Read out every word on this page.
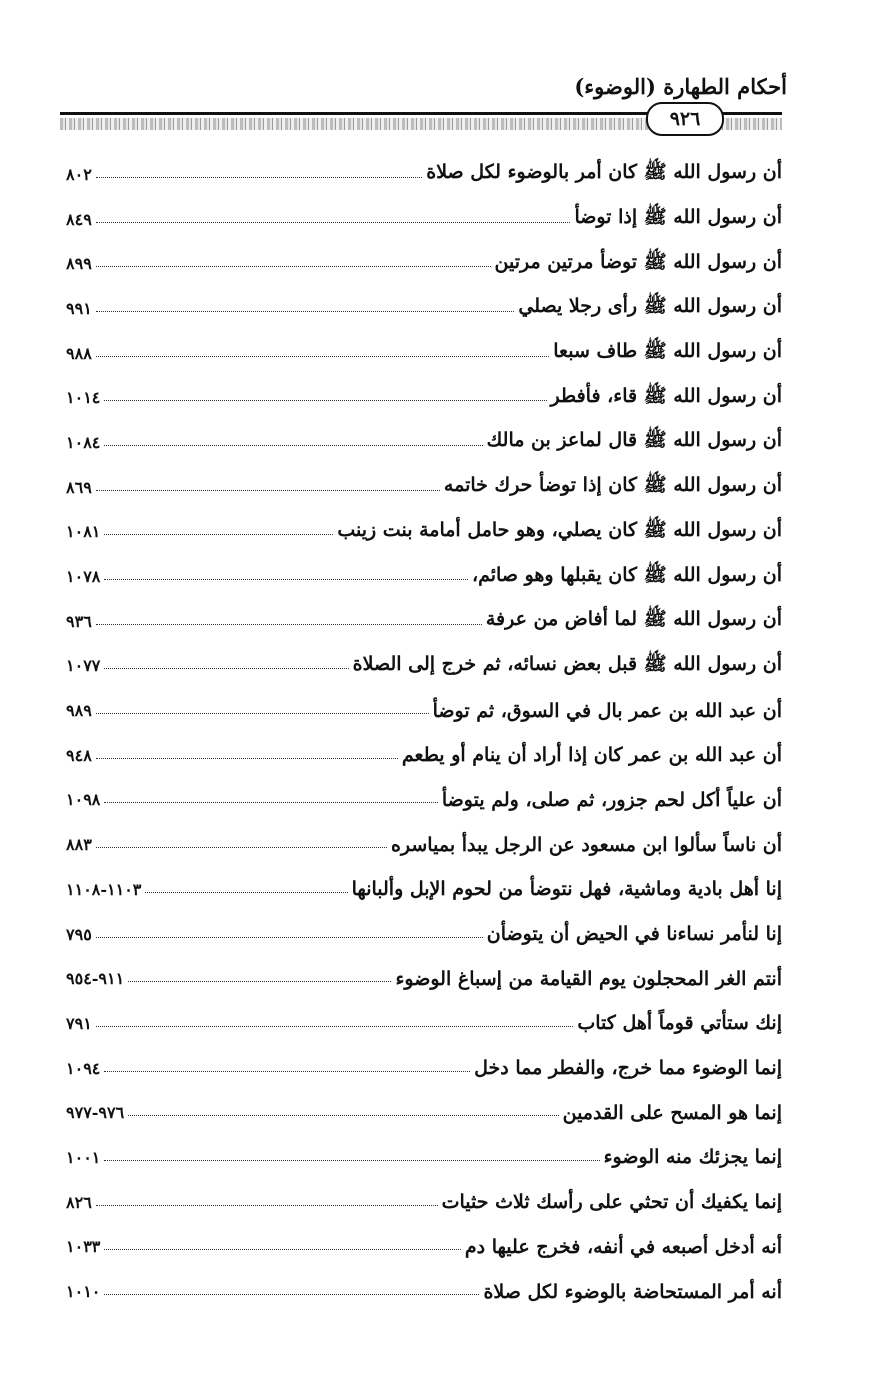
أحكام الطهارة (الوضوء)
٩٢٦
أن رسول الله ﷺ كان أمر بالوضوء لكل صلاة
٨٠٢
أن رسول الله ﷺ إذا توضأ
٨٤٩
أن رسول الله ﷺ توضأ مرتين مرتين
٨٩٩
أن رسول الله ﷺ رأى رجلا يصلي
٩٩١
أن رسول الله ﷺ طاف سبعا
٩٨٨
أن رسول الله ﷺ قاء، فأفطر
١٠١٤
أن رسول الله ﷺ قال لماعز بن مالك
١٠٨٤
أن رسول الله ﷺ كان إذا توضأ حرك خاتمه
٨٦٩
أن رسول الله ﷺ كان يصلي، وهو حامل أمامة بنت زينب
١٠٨١
أن رسول الله ﷺ كان يقبلها وهو صائم،
١٠٧٨
أن رسول الله ﷺ لما أفاض من عرفة
٩٣٦
أن رسول الله ﷺ قبل بعض نسائه، ثم خرج إلى الصلاة
١٠٧٧
أن عبد الله بن عمر بال في السوق، ثم توضأ
٩٨٩
أن عبد الله بن عمر كان إذا أراد أن ينام أو يطعم
٩٤٨
أن علياً أكل لحم جزور، ثم صلى، ولم يتوضأ
١٠٩٨
أن ناساً سألوا ابن مسعود عن الرجل يبدأ بمياسره
٨٨٣
إنا أهل بادية وماشية، فهل نتوضأ من لحوم الإبل وألبانها
١١٠٣-١١٠٨
إنا لنأمر نساءنا في الحيض أن يتوضأن
٧٩٥
أنتم الغر المحجلون يوم القيامة من إسباغ الوضوء
٩١١-٩٥٤
إنك ستأتي قوماً أهل كتاب
٧٩١
إنما الوضوء مما خرج، والفطر مما دخل
١٠٩٤
إنما هو المسح على القدمين
٩٧٦-٩٧٧
إنما يجزئك منه الوضوء
١٠٠١
إنما يكفيك أن تحثي على رأسك ثلاث حثيات
٨٢٦
أنه أدخل أصبعه في أنفه، فخرج عليها دم
١٠٣٣
أنه أمر المستحاضة بالوضوء لكل صلاة
١٠١٠
